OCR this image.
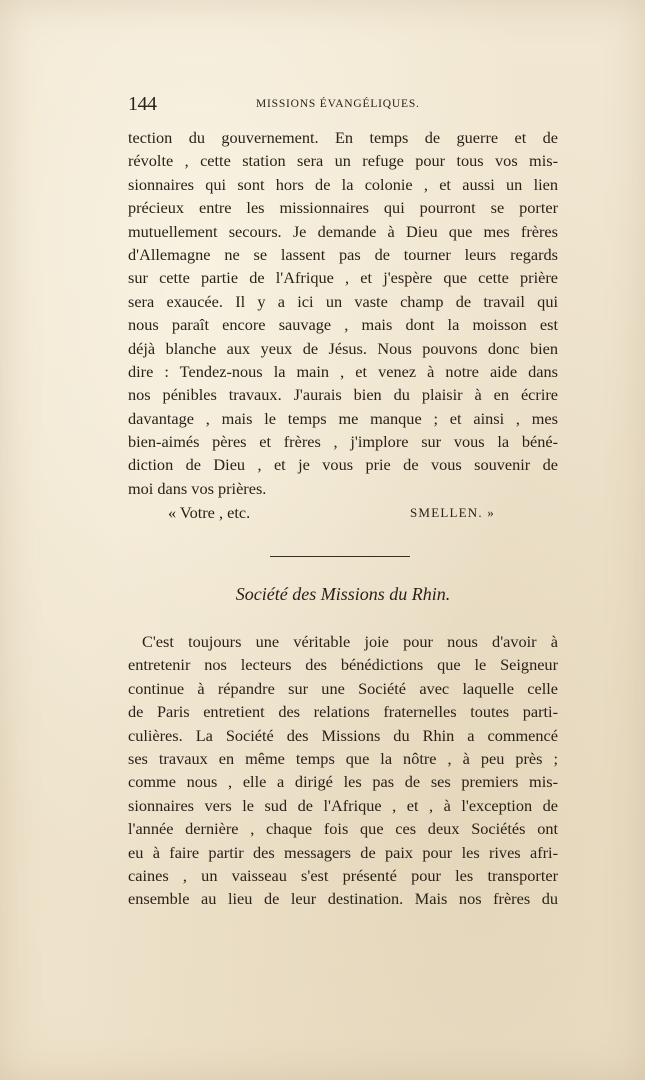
144	MISSIONS ÉVANGÉLIQUES.
tection du gouvernement. En temps de guerre et de
révolte , cette station sera un refuge pour tous vos mis-
sionnaires qui sont hors de la colonie , et aussi un lien
précieux entre les missionnaires qui pourront se porter
mutuellement secours. Je demande à Dieu que mes frères
d'Allemagne ne se lassent pas de tourner leurs regards
sur cette partie de l'Afrique , et j'espère que cette prière
sera exaucée. Il y a ici un vaste champ de travail qui
nous paraît encore sauvage , mais dont la moisson est
déjà blanche aux yeux de Jésus. Nous pouvons donc bien
dire : Tendez-nous la main , et venez à notre aide dans
nos pénibles travaux. J'aurais bien du plaisir à en écrire
davantage , mais le temps me manque ; et ainsi , mes
bien-aimés pères et frères , j'implore sur vous la béné-
diction de Dieu , et je vous prie de vous souvenir de
moi dans vos prières.
« Votre , etc.	SMELLEN. »
Société des Missions du Rhin.
C'est toujours une véritable joie pour nous d'avoir à
entretenir nos lecteurs des bénédictions que le Seigneur
continue à répandre sur une Société avec laquelle celle
de Paris entretient des relations fraternelles toutes parti-
culières. La Société des Missions du Rhin a commencé
ses travaux en même temps que la nôtre , à peu près ;
comme nous , elle a dirigé les pas de ses premiers mis-
sionnaires vers le sud de l'Afrique , et , à l'exception de
l'année dernière , chaque fois que ces deux Sociétés ont
eu à faire partir des messagers de paix pour les rives afri-
caines , un vaisseau s'est présenté pour les transporter
ensemble au lieu de leur destination. Mais nos frères du
